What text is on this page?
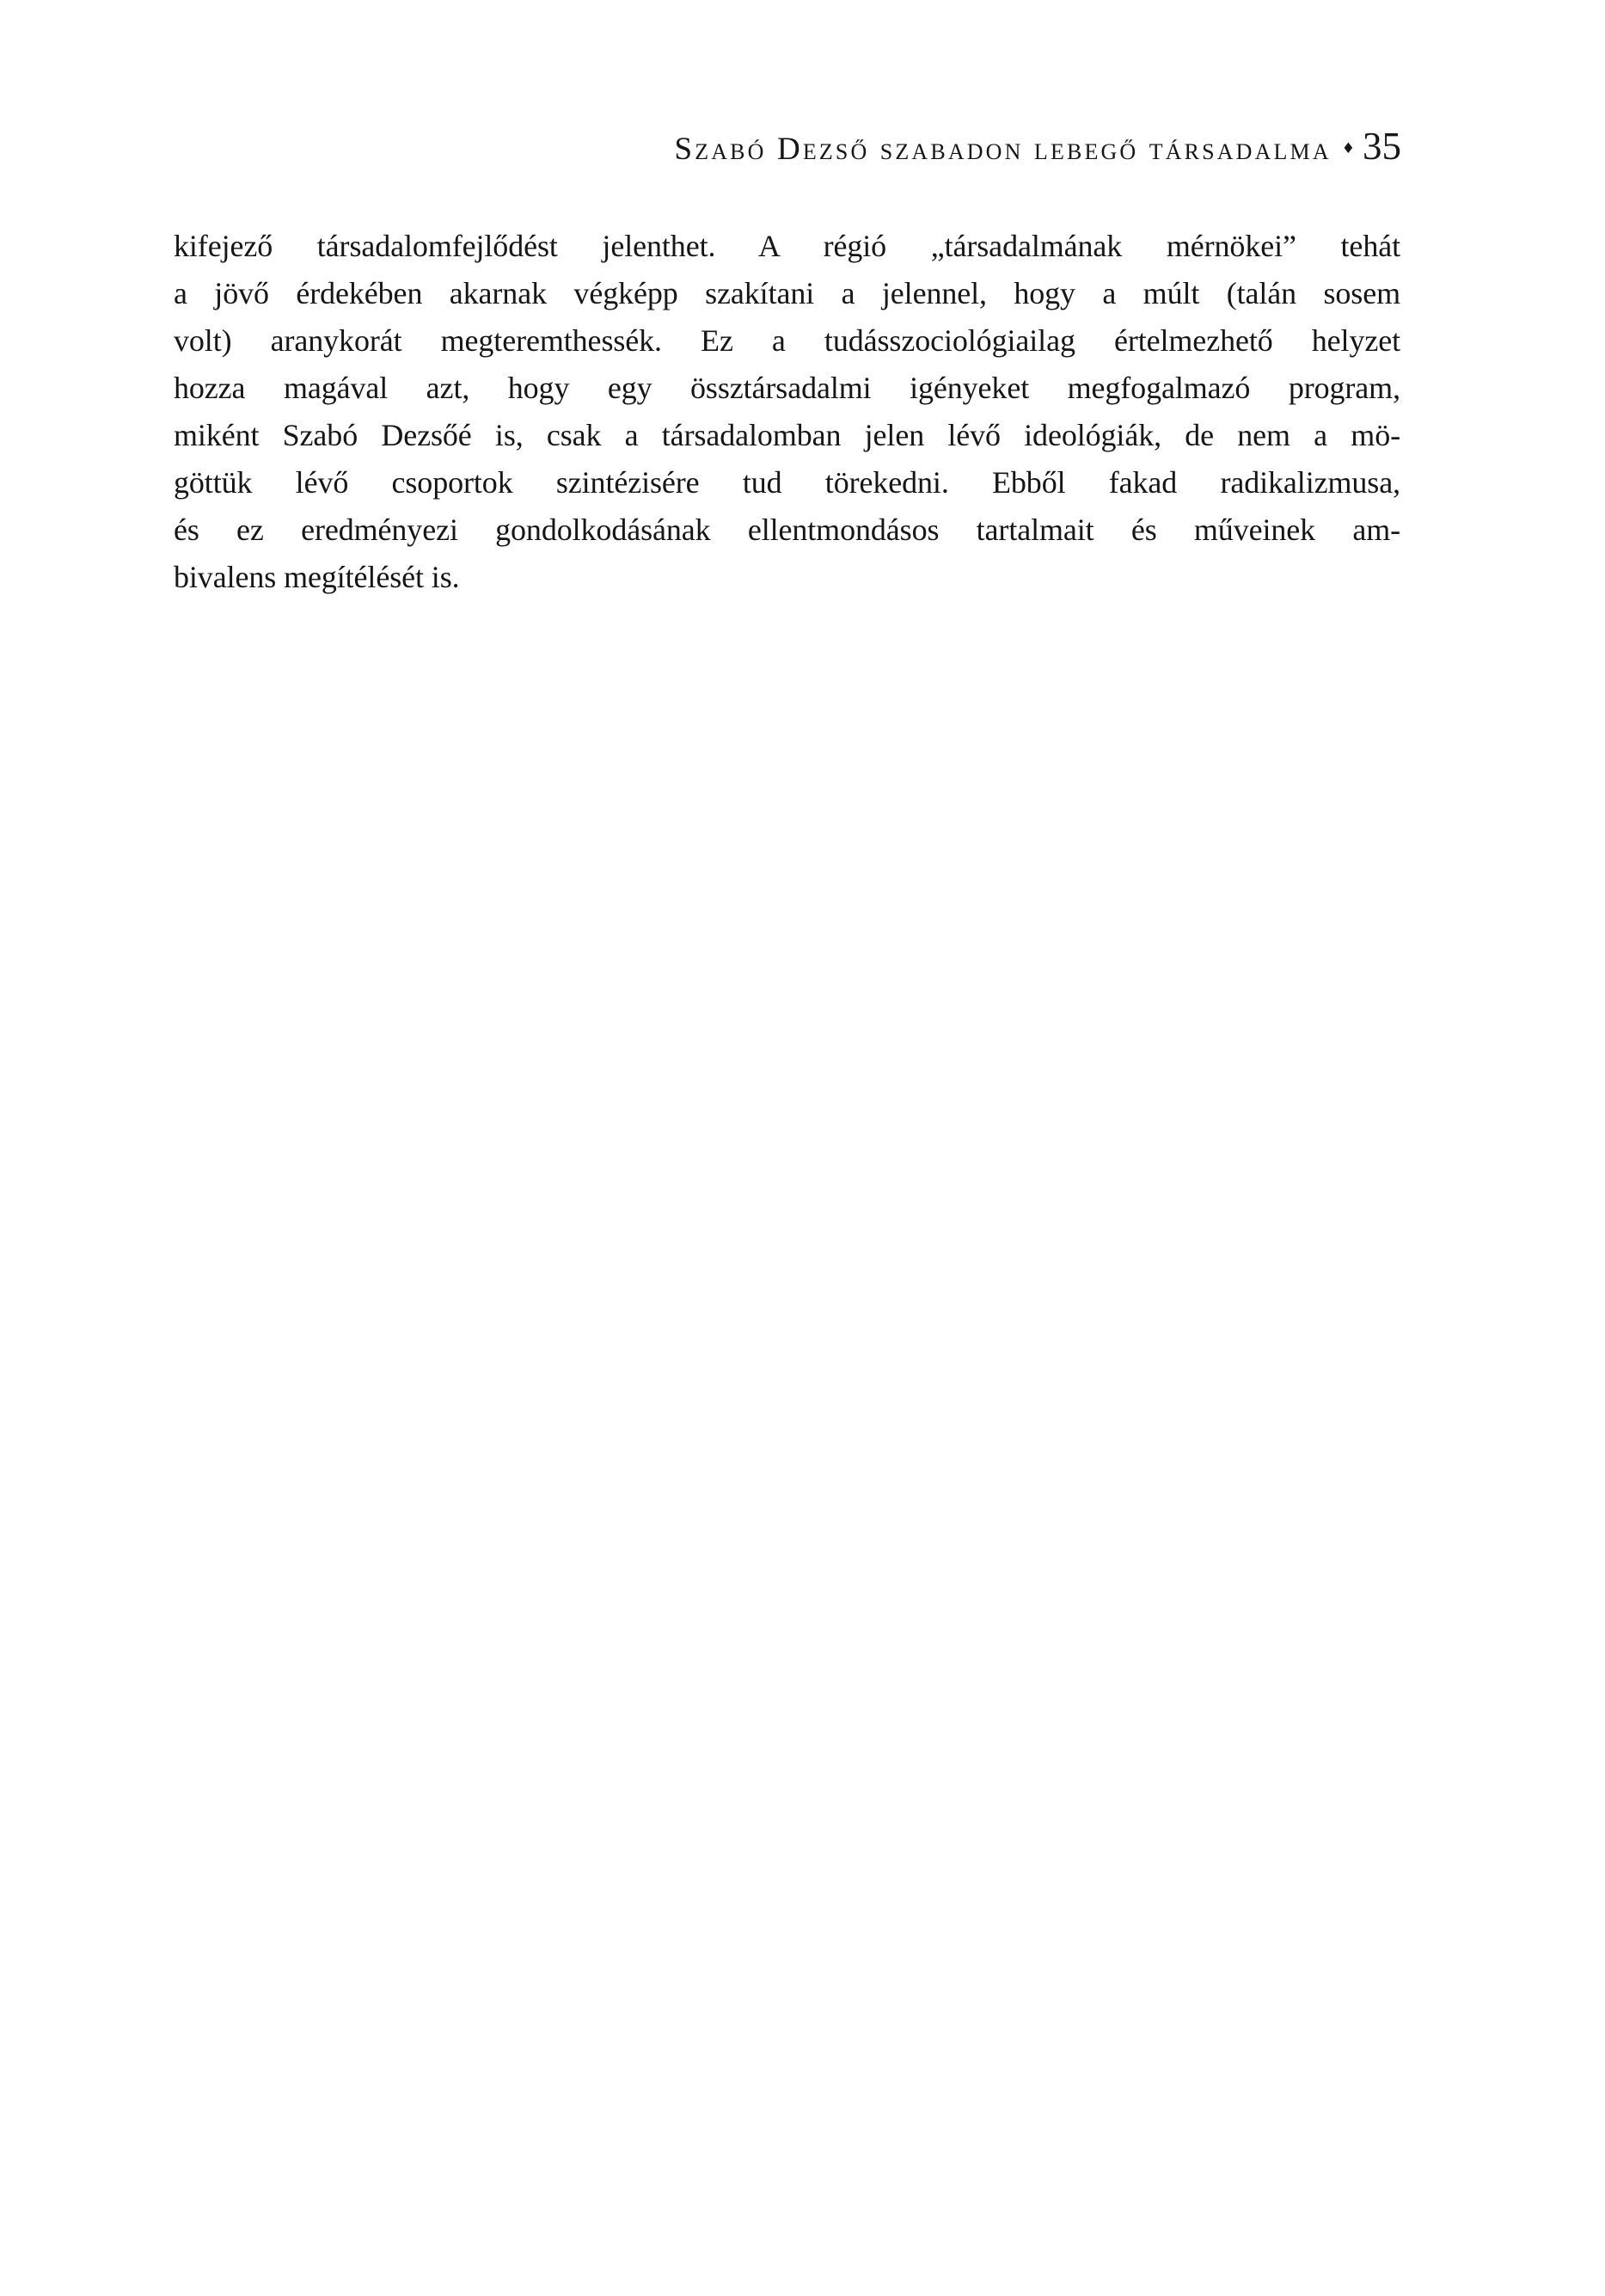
Szabó Dezső szabadon lebegő társadalma ♦ 35
kifejező társadalomfejlődést jelenthet. A régió „társadalmának mérnökei” tehát
a jövő érdekében akarnak végképp szakítani a jelennel, hogy a múlt (talán sosem
volt) aranykorát megteremthessék. Ez a tudásszociológiailag értelmezhető helyzet
hozza magával azt, hogy egy össztársadalmi igényeket megfogalmazó program,
miként Szabó Dezsőé is, csak a társadalomban jelen lévő ideológiák, de nem a mö-
göttük lévő csoportok szintézisére tud törekedni. Ebből fakad radikalizmusa,
és ez eredményezi gondolkodásának ellentmondásos tartalmait és műveinek am-
bivalens megítélését is.
